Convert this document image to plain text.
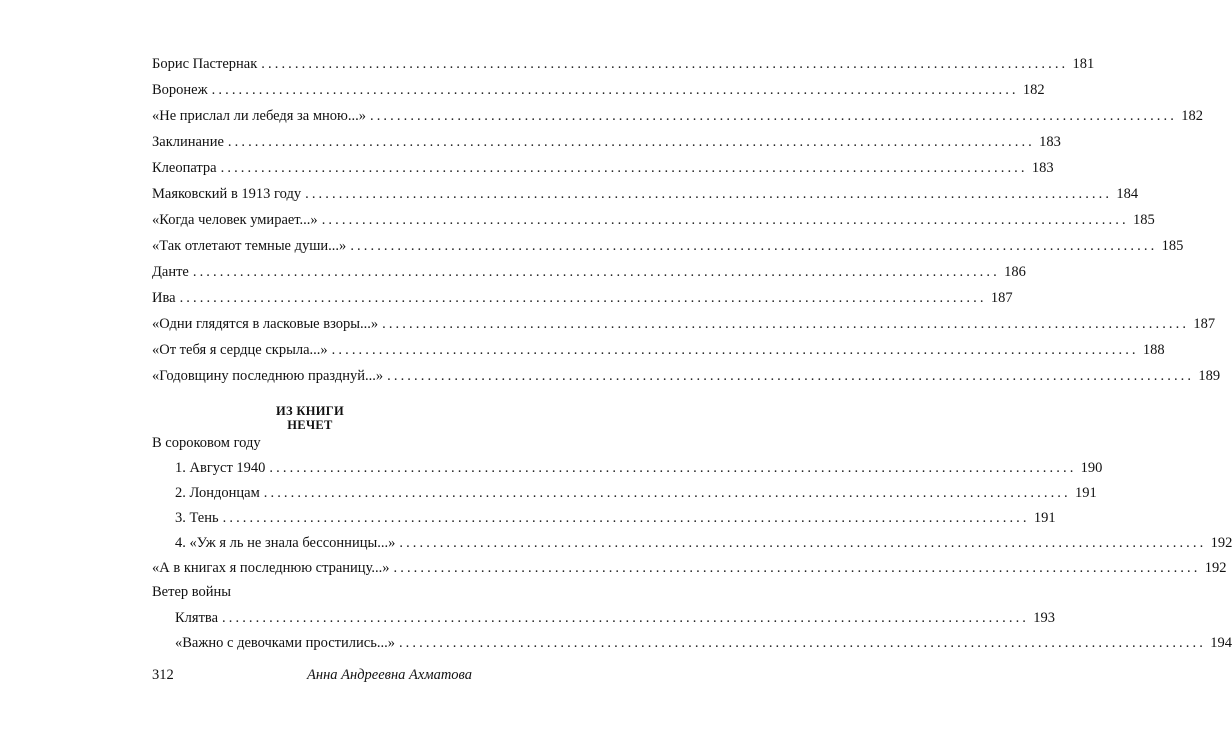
Борис Пастернак ........................................................................................................................ 181
Воронеж ........................................................................................................................ 182
«Не прислал ли лебедя за мною...» ........................................................................................................................ 182
Заклинание ........................................................................................................................ 183
Клеопатра ........................................................................................................................ 183
Маяковский в 1913 году ........................................................................................................................ 184
«Когда человек умирает...» ........................................................................................................................ 185
«Так отлетают темные души...» ........................................................................................................................ 185
Данте ........................................................................................................................ 186
Ива ........................................................................................................................ 187
«Одни глядятся в ласковые взоры...» ........................................................................................................................ 187
«От тебя я сердце скрыла...» ........................................................................................................................ 188
«Годовщину последнюю празднуй...» ........................................................................................................................ 189
ИЗ КНИГИ
НЕЧЕТ
В сороковом году
1. Август 1940 ........................................................................................................................ 190
2. Лондонцам ........................................................................................................................ 191
3. Тень ........................................................................................................................ 191
4. «Уж я ль не знала бессонницы...» ........................................................................................................................ 192
«А в книгах я последнюю страницу...» ........................................................................................................................ 192
Ветер войны
Клятва ........................................................................................................................ 193
«Важно с девочками простились...» ........................................................................................................................ 194
312	Анна Андреевна Ахматова
